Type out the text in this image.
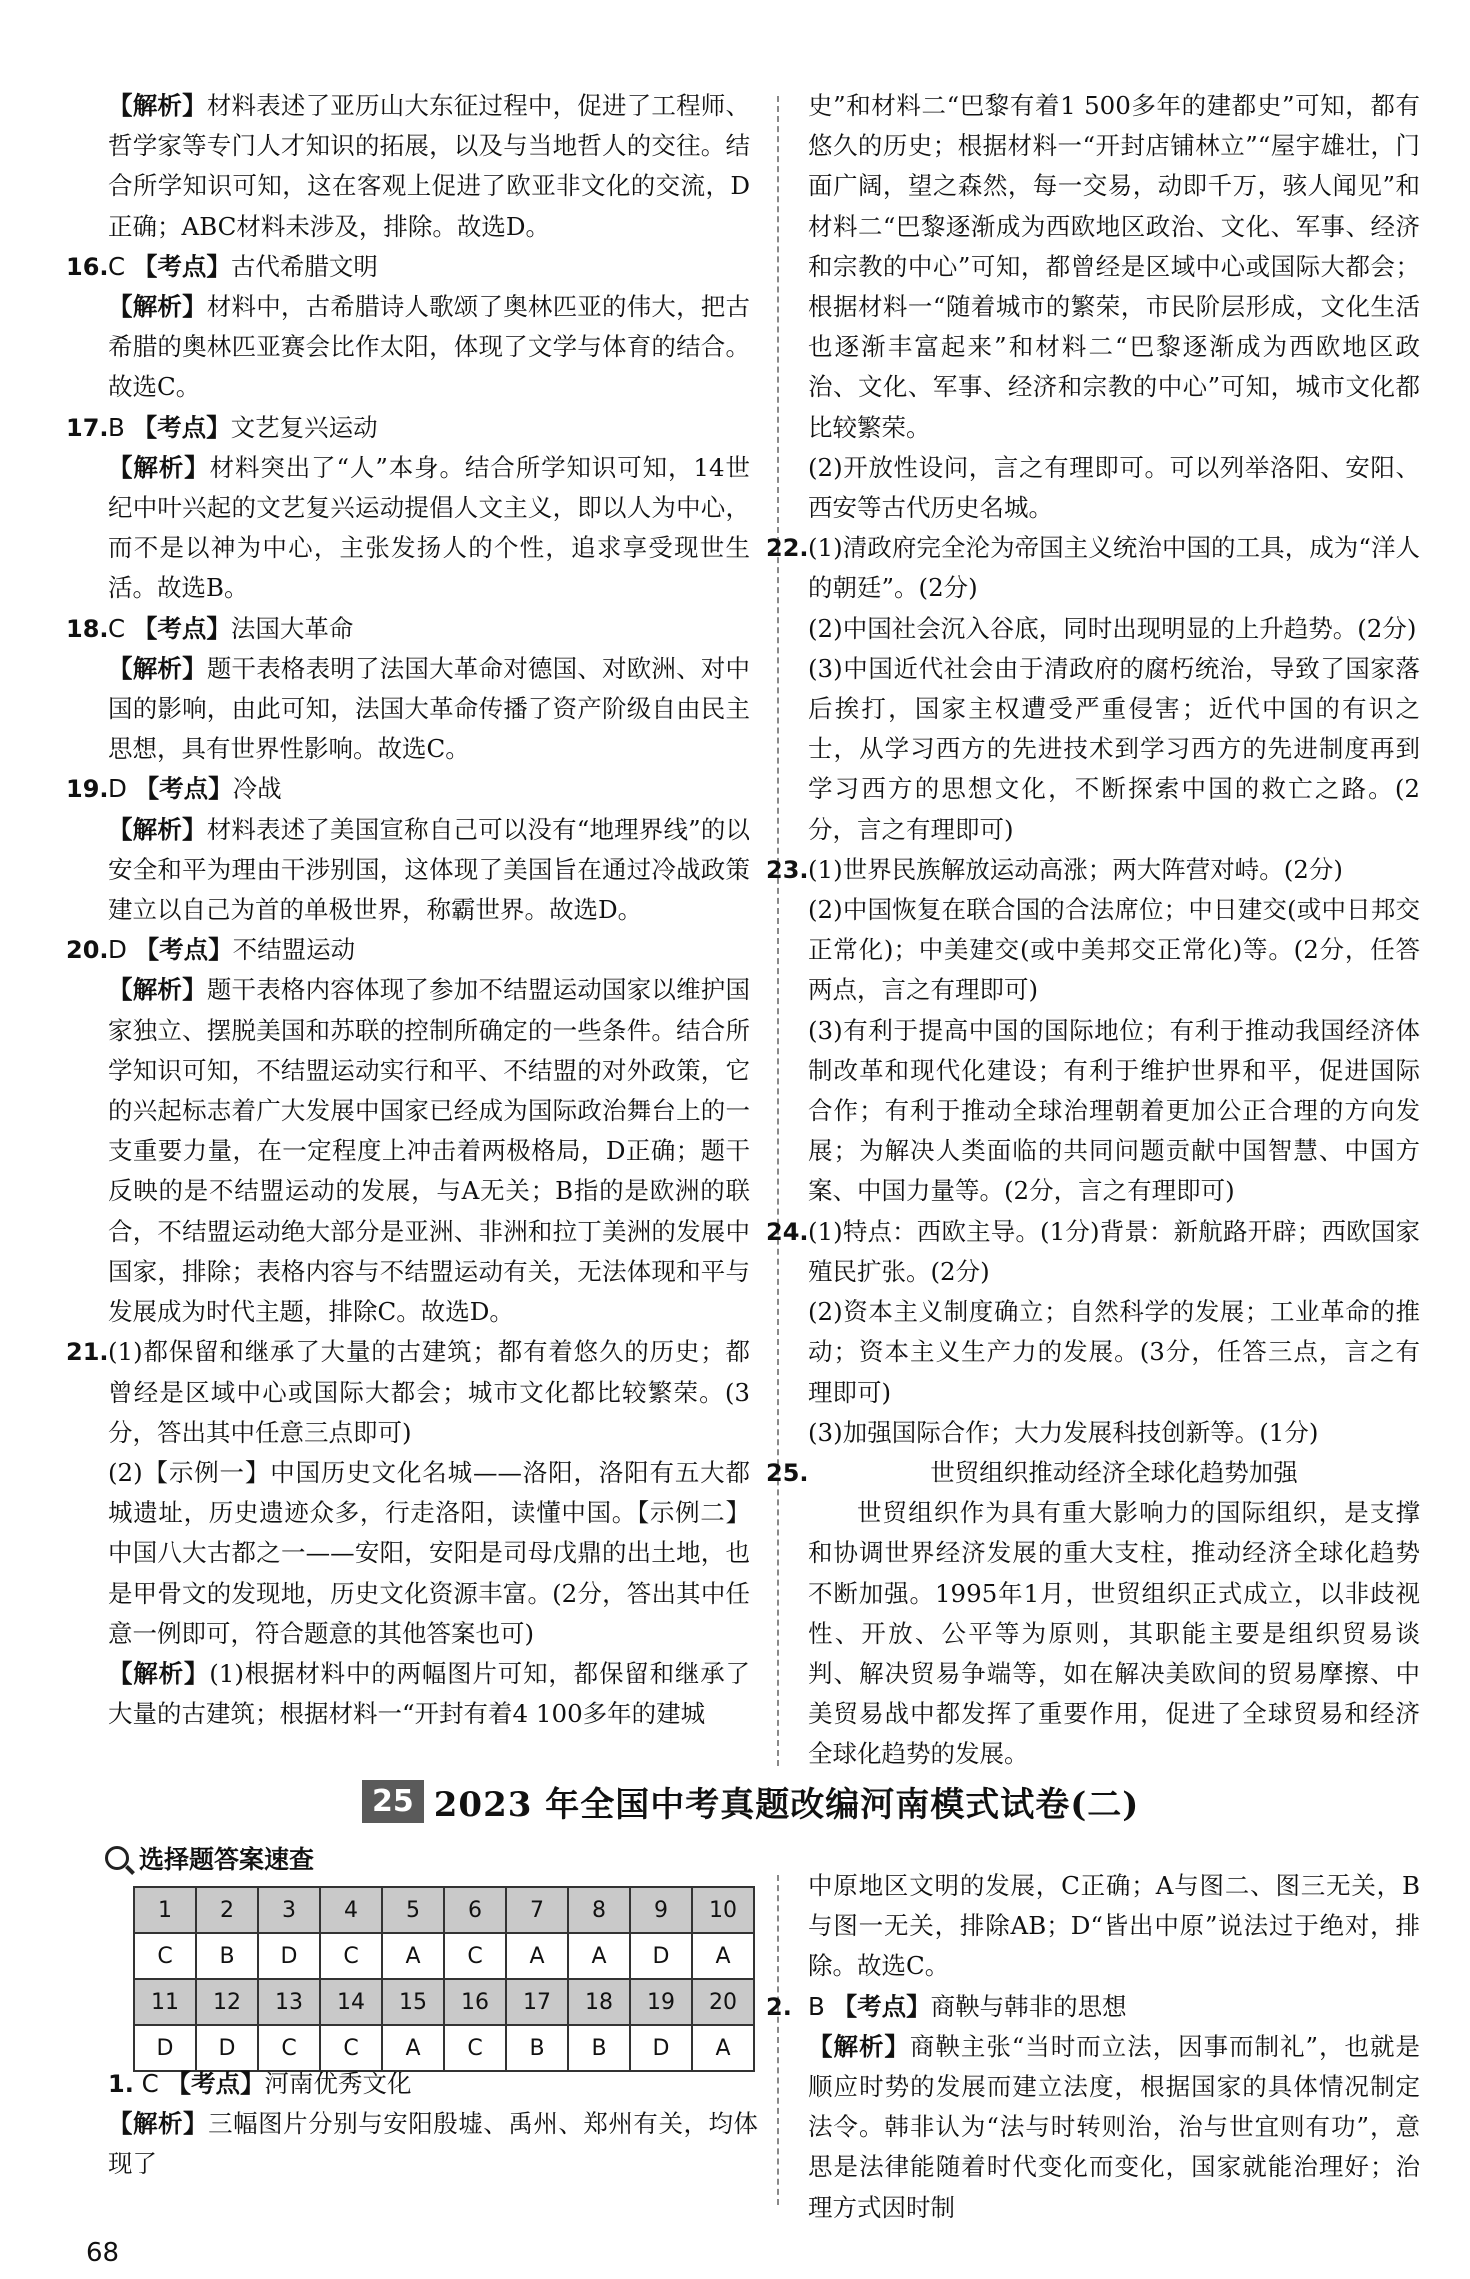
【解析】材料表述了亚历山大东征过程中，促进了工程师、哲学家等专门人才知识的拓展，以及与当地哲人的交往。结合所学知识可知，这在客观上促进了欧亚非文化的交流，D正确；ABC材料未涉及，排除。故选D。

16. C 【考点】古代希腊文明

【解析】材料中，古希腊诗人歌颂了奥林匹亚的伟大，把古希腊的奥林匹亚赛会比作太阳，体现了文学与体育的结合。故选C。

17. B 【考点】文艺复兴运动

【解析】材料突出了“人”本身。结合所学知识可知，14世纪中叶兴起的文艺复兴运动提倡人文主义，即以人为中心，而不是以神为中心，主张发扬人的个性，追求享受现世生活。故选B。

18. C 【考点】法国大革命

【解析】题干表格表明了法国大革命对德国、对欧洲、对中国的影响，由此可知，法国大革命传播了资产阶级自由民主思想，具有世界性影响。故选C。

19. D 【考点】冷战

【解析】材料表述了美国宣称自己可以没有“地理界线”的以安全和平为理由干涉别国，这体现了美国旨在通过冷战政策建立以自己为首的单极世界，称霸世界。故选D。

20. D 【考点】不结盟运动

【解析】题干表格内容体现了参加不结盟运动国家以维护国家独立、摆脱美国和苏联的控制所确定的一些条件。结合所学知识可知，不结盟运动实行和平、不结盟的对外政策，它的兴起标志着广大发展中国家已经成为国际政治舞台上的一支重要力量，在一定程度上冲击着两极格局，D正确；题干反映的是不结盟运动的发展，与A无关；B指的是欧洲的联合，不结盟运动绝大部分是亚洲、非洲和拉丁美洲的发展中国家，排除；表格内容与不结盟运动有关，无法体现和平与发展成为时代主题，排除C。故选D。

21. (1)都保留和继承了大量的古建筑；都有着悠久的历史；都曾经是区域中心或国际大都会；城市文化都比较繁荣。(3分，答出其中任意三点即可)

(2)【示例一】中国历史文化名城——洛阳，洛阳有五大都城遗址，历史遗迹众多，行走洛阳，读懂中国。【示例二】中国八大古都之一——安阳，安阳是司母戊鼎的出土地，也是甲骨文的发现地，历史文化资源丰富。(2分，答出其中任意一例即可，符合题意的其他答案也可)

【解析】(1)根据材料中的两幅图片可知，都保留和继承了大量的古建筑；根据材料一“开封有着4 100多年的建城

史”和材料二“巴黎有着1 500多年的建都史”可知，都有悠久的历史；根据材料一“开封店铺林立”“屋宇雄壮，门面广阔，望之森然，每一交易，动即千万，骇人闻见”和材料二“巴黎逐渐成为西欧地区政治、文化、军事、经济和宗教的中心”可知，都曾经是区域中心或国际大都会；根据材料一“随着城市的繁荣，市民阶层形成，文化生活也逐渐丰富起来”和材料二“巴黎逐渐成为西欧地区政治、文化、军事、经济和宗教的中心”可知，城市文化都比较繁荣。

(2)开放性设问，言之有理即可。可以列举洛阳、安阳、西安等古代历史名城。

22. (1)清政府完全沦为帝国主义统治中国的工具，成为“洋人的朝廷”。(2分)

(2)中国社会沉入谷底，同时出现明显的上升趋势。(2分)

(3)中国近代社会由于清政府的腐朽统治，导致了国家落后挨打，国家主权遭受严重侵害；近代中国的有识之士，从学习西方的先进技术到学习西方的先进制度再到学习西方的思想文化，不断探索中国的救亡之路。(2分，言之有理即可)

23. (1)世界民族解放运动高涨；两大阵营对峙。(2分)

(2)中国恢复在联合国的合法席位；中日建交(或中日邦交正常化)；中美建交(或中美邦交正常化)等。(2分，任答两点，言之有理即可)

(3)有利于提高中国的国际地位；有利于推动我国经济体制改革和现代化建设；有利于维护世界和平，促进国际合作；有利于推动全球治理朝着更加公正合理的方向发展；为解决人类面临的共同问题贡献中国智慧、中国方案、中国力量等。(2分，言之有理即可)

24. (1)特点：西欧主导。(1分)背景：新航路开辟；西欧国家殖民扩张。(2分)

(2)资本主义制度确立；自然科学的发展；工业革命的推动；资本主义生产力的发展。(3分，任答三点，言之有理即可)

(3)加强国际合作；大力发展科技创新等。(1分)

25.	世贸组织推动经济全球化趋势加强

世贸组织作为具有重大影响力的国际组织，是支撑和协调世界经济发展的重大支柱，推动经济全球化趋势不断加强。1995年1月，世贸组织正式成立，以非歧视性、开放、公平等为原则，其职能主要是组织贸易谈判、解决贸易争端等，如在解决美欧间的贸易摩擦、中美贸易战中都发挥了重要作用，促进了全球贸易和经济全球化趋势的发展。

25 2023 年全国中考真题改编河南模式试卷(二)
选择题答案速查
1	2	3	4	5	6	7	8	9	10
C	B	D	C	A	C	A	A	D	A
11	12	13	14	15	16	17	18	19	20
D	D	C	C	A	C	B	B	D	A
1. C 【考点】河南优秀文化

【解析】三幅图片分别与安阳殷墟、禹州、郑州有关，均体现了

中原地区文明的发展，C正确；A与图二、图三无关，B与图一无关，排除AB；D“皆出中原”说法过于绝对，排除。故选C。

2. B 【考点】商鞅与韩非的思想

【解析】商鞅主张“当时而立法，因事而制礼”，也就是顺应时势的发展而建立法度，根据国家的具体情况制定法令。韩非认为“法与时转则治，治与世宜则有功”，意思是法律能随着时代变化而变化，国家就能治理好；治理方式因时制

68
